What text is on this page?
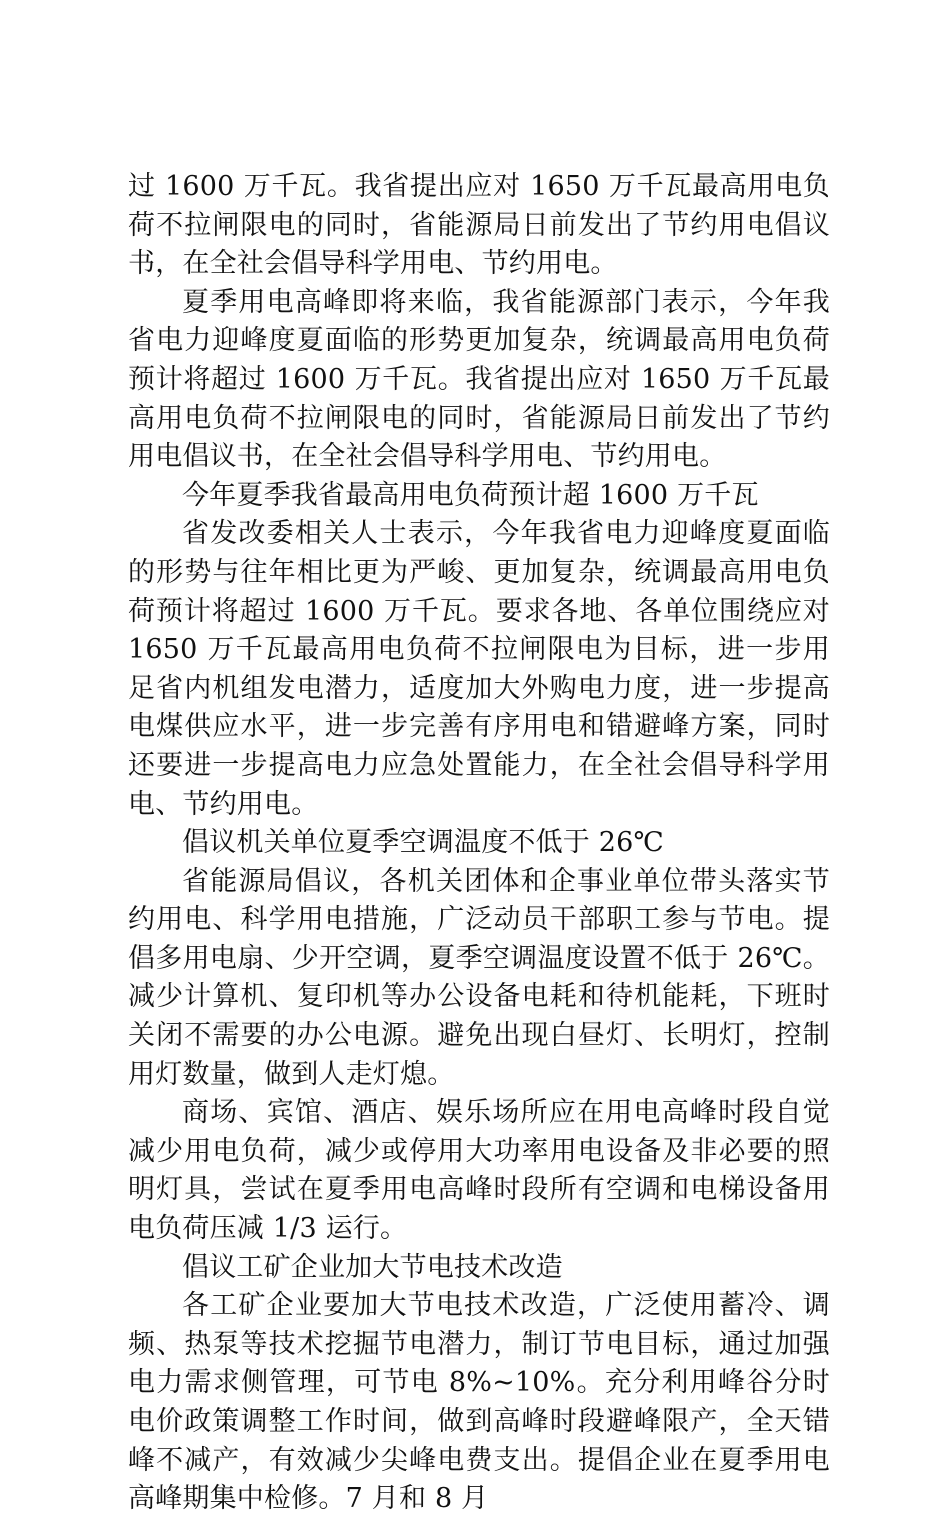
过 1600 万千瓦。我省提出应对 1650 万千瓦最高用电负荷不拉闸限电的同时，省能源局日前发出了节约用电倡议书，在全社会倡导科学用电、节约用电。

夏季用电高峰即将来临，我省能源部门表示，今年我省电力迎峰度夏面临的形势更加复杂，统调最高用电负荷预计将超过 1600 万千瓦。我省提出应对 1650 万千瓦最高用电负荷不拉闸限电的同时，省能源局日前发出了节约用电倡议书，在全社会倡导科学用电、节约用电。

今年夏季我省最高用电负荷预计超 1600 万千瓦

省发改委相关人士表示，今年我省电力迎峰度夏面临的形势与往年相比更为严峻、更加复杂，统调最高用电负荷预计将超过 1600 万千瓦。要求各地、各单位围绕应对 1650 万千瓦最高用电负荷不拉闸限电为目标，进一步用足省内机组发电潜力，适度加大外购电力度，进一步提高电煤供应水平，进一步完善有序用电和错避峰方案，同时还要进一步提高电力应急处置能力，在全社会倡导科学用电、节约用电。

倡议机关单位夏季空调温度不低于 26℃

省能源局倡议，各机关团体和企事业单位带头落实节约用电、科学用电措施，广泛动员干部职工参与节电。提倡多用电扇、少开空调，夏季空调温度设置不低于 26℃。减少计算机、复印机等办公设备电耗和待机能耗，下班时关闭不需要的办公电源。避免出现白昼灯、长明灯，控制用灯数量，做到人走灯熄。

商场、宾馆、酒店、娱乐场所应在用电高峰时段自觉减少用电负荷，减少或停用大功率用电设备及非必要的照明灯具，尝试在夏季用电高峰时段所有空调和电梯设备用电负荷压减 1/3 运行。

倡议工矿企业加大节电技术改造

各工矿企业要加大节电技术改造，广泛使用蓄冷、调频、热泵等技术挖掘节电潜力，制订节电目标，通过加强电力需求侧管理，可节电 8%~10%。充分利用峰谷分时电价政策调整工作时间，做到高峰时段避峰限产，全天错峰不减产，有效减少尖峰电费支出。提倡企业在夏季用电高峰期集中检修。7 月和 8 月
